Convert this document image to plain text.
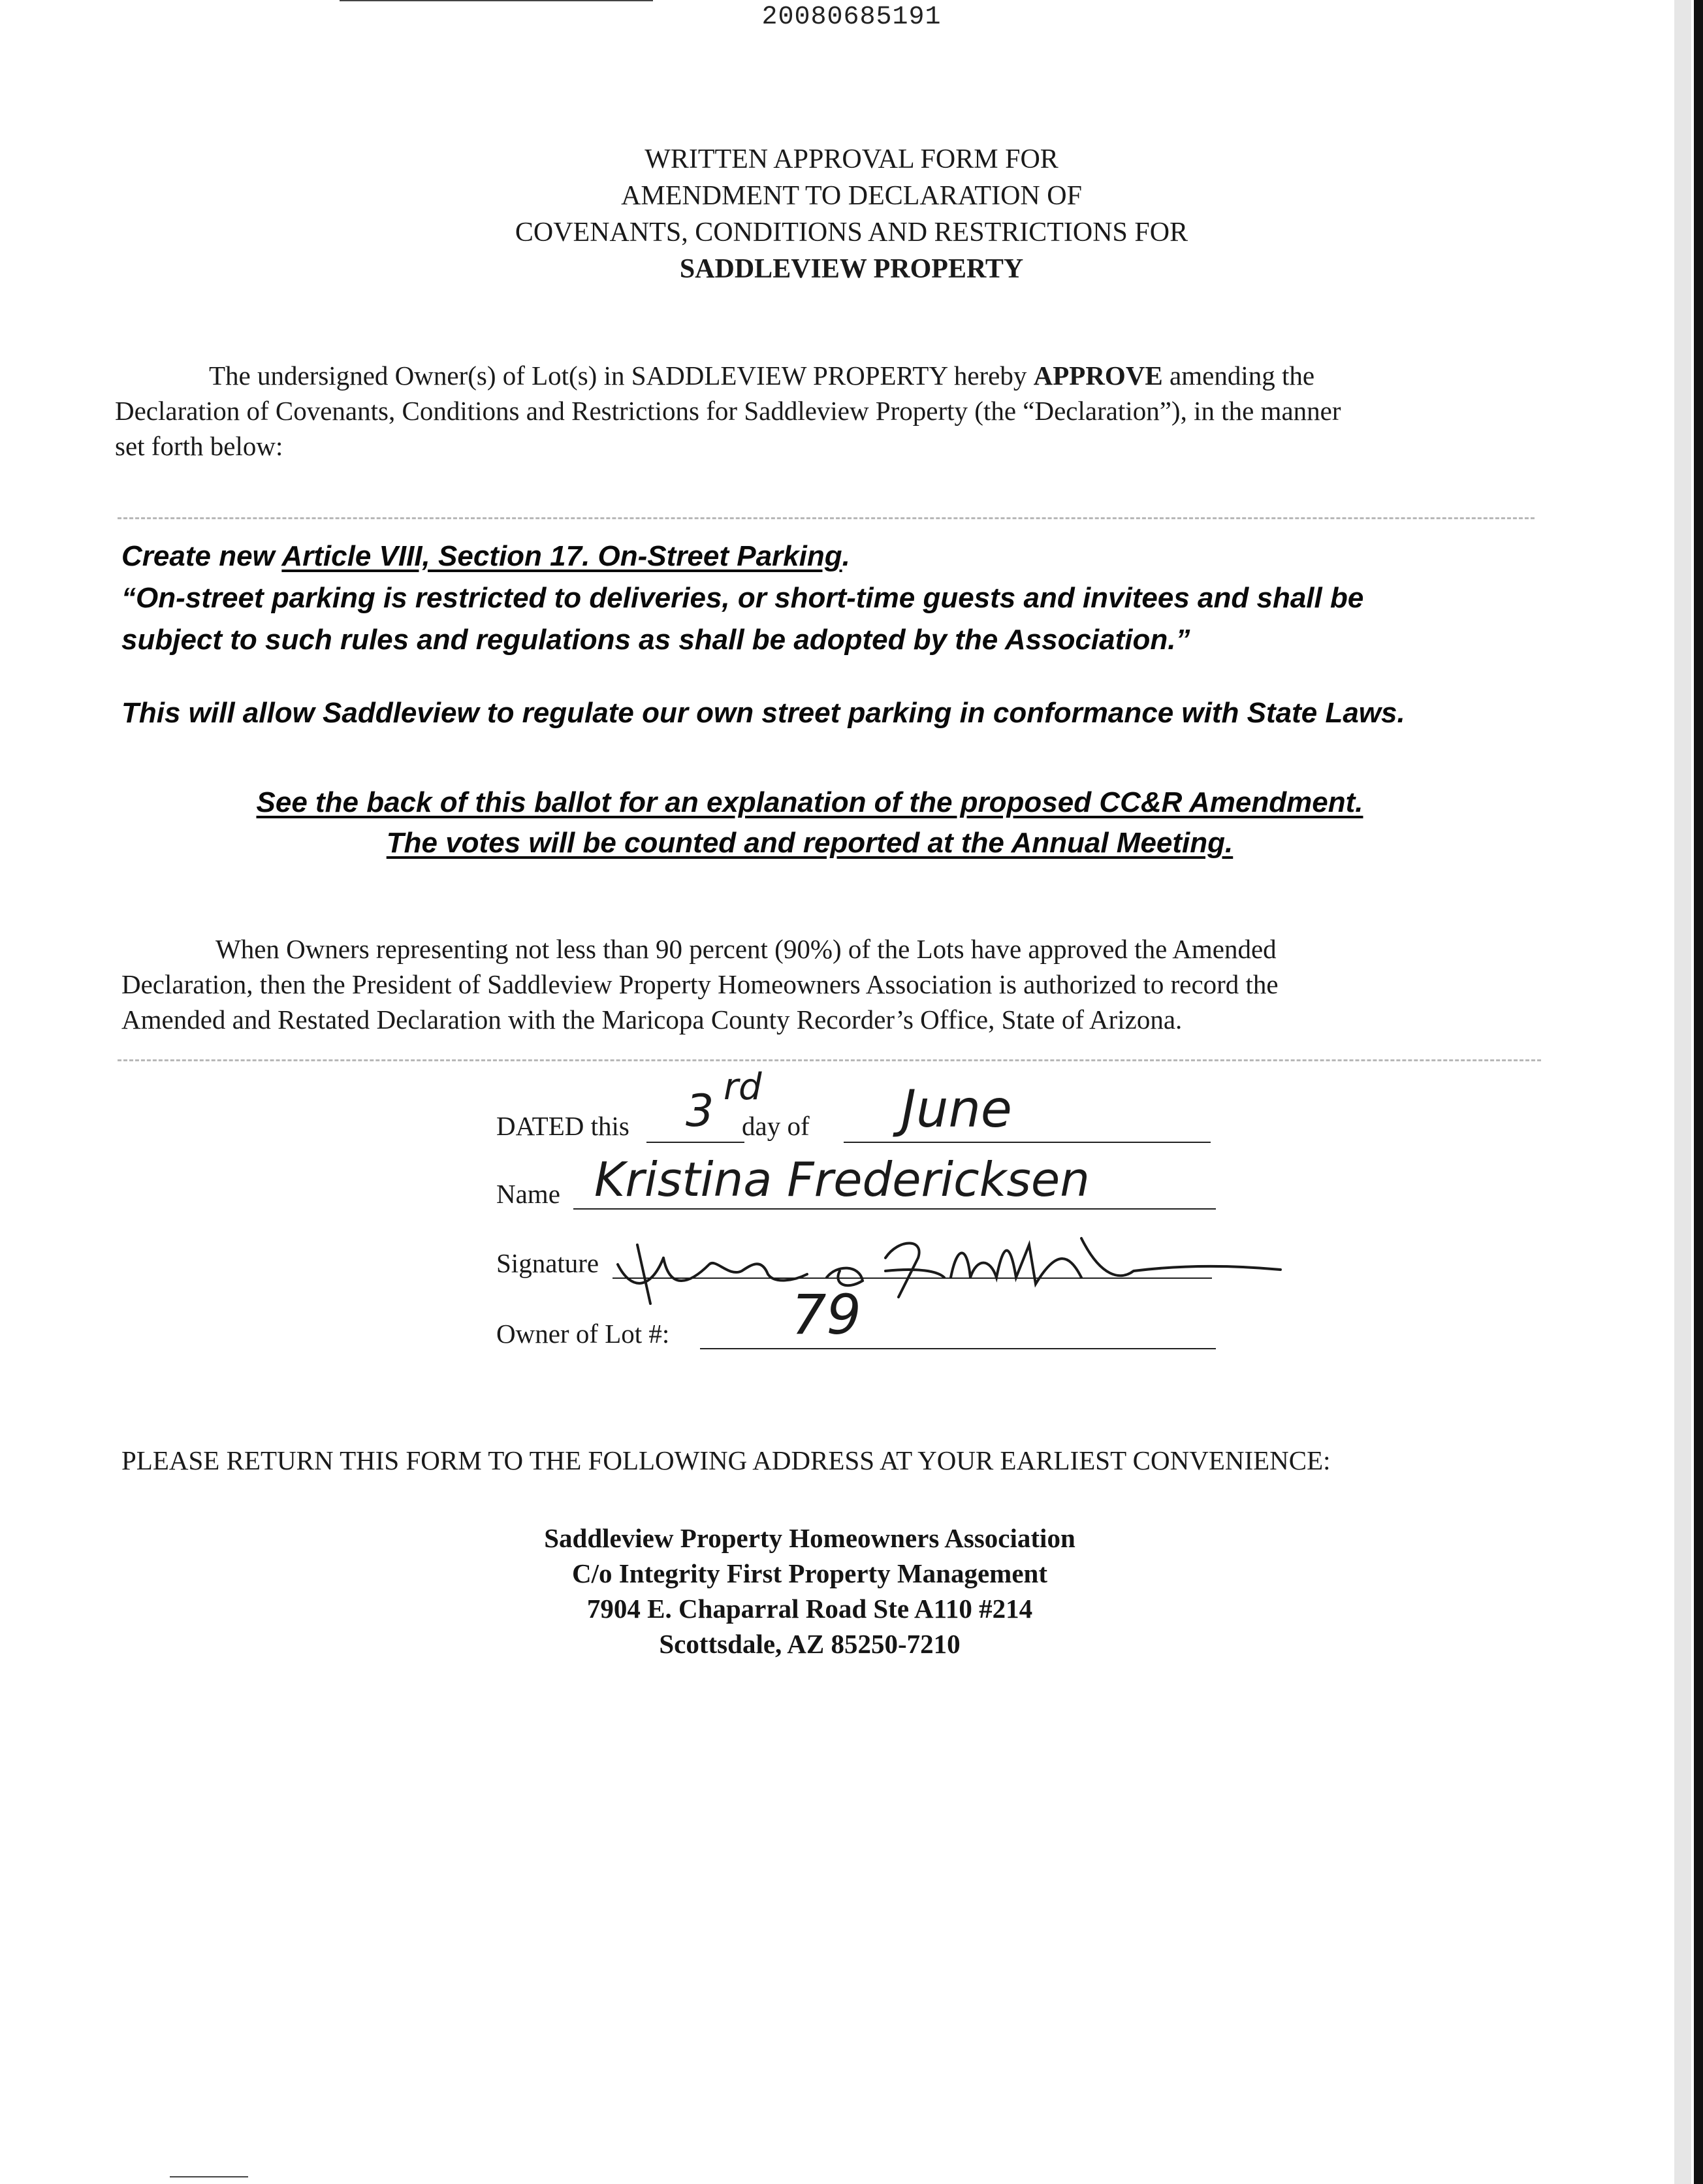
20080685191
WRITTEN APPROVAL FORM FOR
AMENDMENT TO DECLARATION OF
COVENANTS, CONDITIONS AND RESTRICTIONS FOR
SADDLEVIEW PROPERTY
The undersigned Owner(s) of Lot(s) in SADDLEVIEW PROPERTY hereby APPROVE amending the
Declaration of Covenants, Conditions and Restrictions for Saddleview Property (the “Declaration”), in the manner
set forth below:
Create new Article VIII, Section 17. On-Street Parking.
“On-street parking is restricted to deliveries, or short-time guests and invitees and shall be
subject to such rules and regulations as shall be adopted by the Association.”
This will allow Saddleview to regulate our own street parking in conformance with State Laws.
See the back of this ballot for an explanation of the proposed CC&R Amendment.
The votes will be counted and reported at the Annual Meeting.
When Owners representing not less than 90 percent (90%) of the Lots have approved the Amended
Declaration, then the President of Saddleview Property Homeowners Association is authorized to record the
Amended and Restated Declaration with the Maricopa County Recorder’s Office, State of Arizona.
DATED this 3 rd
day of June
Name Kristina Fredericksen
Signature
Owner of Lot #: 79
PLEASE RETURN THIS FORM TO THE FOLLOWING ADDRESS AT YOUR EARLIEST CONVENIENCE:
Saddleview Property Homeowners Association
C/o Integrity First Property Management
7904 E. Chaparral Road Ste A110 #214
Scottsdale, AZ 85250-7210
